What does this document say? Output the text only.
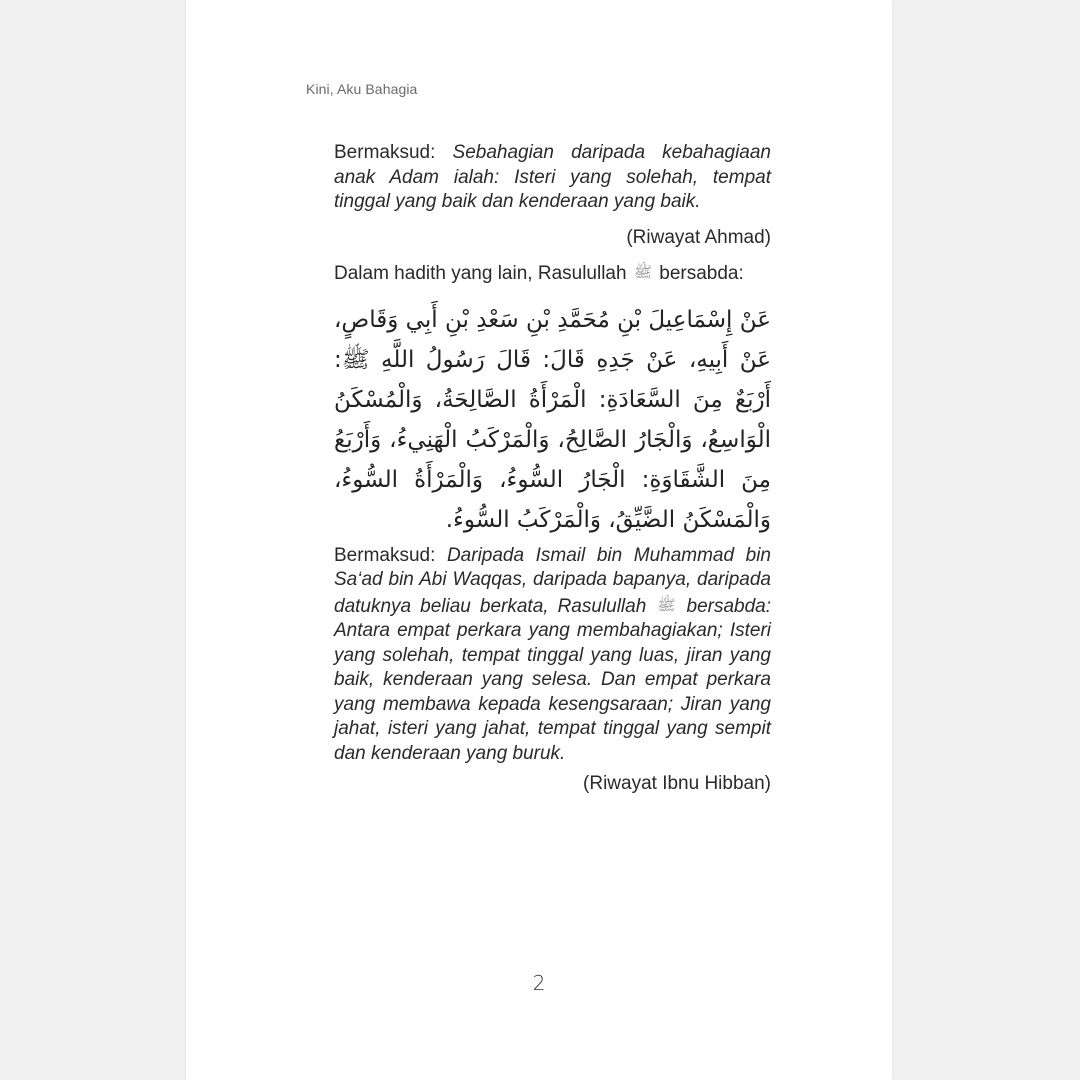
Kini, Aku Bahagia

Bermaksud: Sebahagian daripada kebahagiaan anak Adam ialah: Isteri yang solehah, tempat tinggal yang baik dan kenderaan yang baik.

(Riwayat Ahmad)

Dalam hadith yang lain, Rasulullah ﷺ bersabda:

عَنْ إِسْمَاعِيلَ بْنِ مُحَمَّدِ بْنِ سَعْدِ بْنِ أَبِي وَقَاصٍ، عَنْ أَبِيهِ، عَنْ جَدِهِ قَالَ: قَالَ رَسُولُ اللَّهِ ﷺ: أَرْبَعٌ مِنَ السَّعَادَةِ: الْمَرْأَةُ الصَّالِحَةُ، وَالْمُسْكَنُ الْوَاسِعُ، وَالْجَارُ الصَّالِحُ، وَالْمَرْكَبُ الْهَنِيءُ، وَأَرْبَعُ مِنَ الشَّقَاوَةِ: الْجَارُ السُّوءُ، وَالْمَرْأَةُ السُّوءُ، وَالْمَسْكَنُ الضَّيِّقُ، وَالْمَرْكَبُ السُّوءُ.

Bermaksud: Daripada Ismail bin Muhammad bin Sa‘ad bin Abi Waqqas, daripada bapanya, daripada datuknya beliau berkata, Rasulullah ﷺ bersabda: Antara empat perkara yang membahagiakan; Isteri yang solehah, tempat tinggal yang luas, jiran yang baik, kenderaan yang selesa. Dan empat perkara yang membawa kepada kesengsaraan; Jiran yang jahat, isteri yang jahat, tempat tinggal yang sempit dan kenderaan yang buruk.

(Riwayat Ibnu Hibban)

2
